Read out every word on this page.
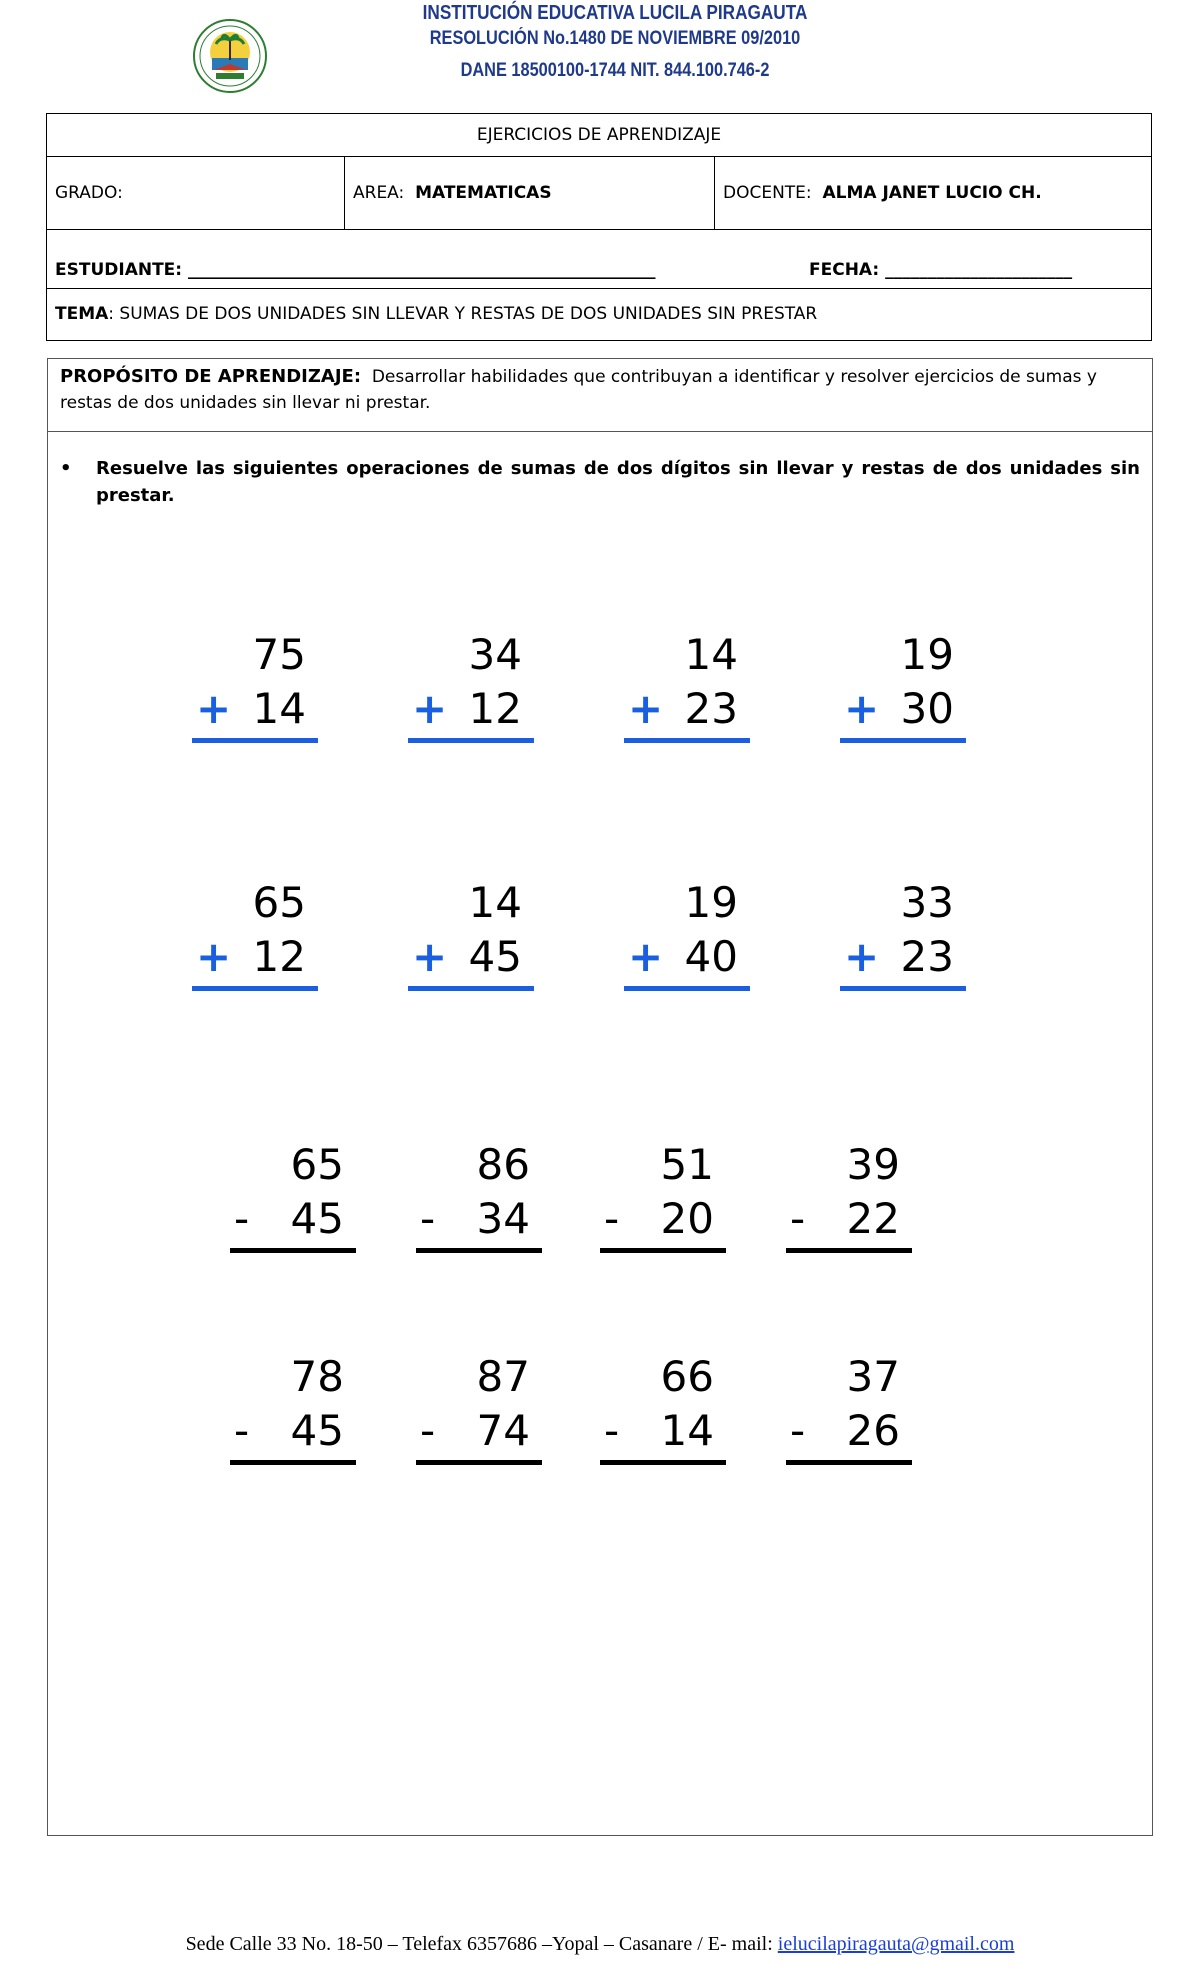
INSTITUCIÓN EDUCATIVA LUCILA PIRAGAUTA
RESOLUCIÓN No.1480 DE NOVIEMBRE 09/2010
DANE 18500100-1744 NIT. 844.100.746-2
EJERCICIOS DE APRENDIZAJE
GRADO:	AREA: MATEMATICAS	DOCENTE: ALMA JANET LUCIO CH.
ESTUDIANTE: _______________________________________________________	FECHA: ______________________
TEMA: SUMAS DE DOS UNIDADES SIN LLEVAR Y RESTAS DE DOS UNIDADES SIN PRESTAR
PROPÓSITO DE APRENDIZAJE: Desarrollar habilidades que contribuyan a identificar y resolver ejercicios de sumas y restas de dos unidades sin llevar ni prestar.
• Resuelve las siguientes operaciones de sumas de dos dígitos sin llevar y restas de dos unidades sin prestar.
75
+ 14
34
+ 12
14
+ 23
19
+ 30
65
+ 12
14
+ 45
19
+ 40
33
+ 23
65
- 45
86
- 34
51
- 20
39
- 22
78
- 45
87
- 74
66
- 14
37
- 26
Sede Calle 33 No. 18-50 – Telefax 6357686 –Yopal – Casanare / E- mail: ielucilapiragauta@gmail.com
